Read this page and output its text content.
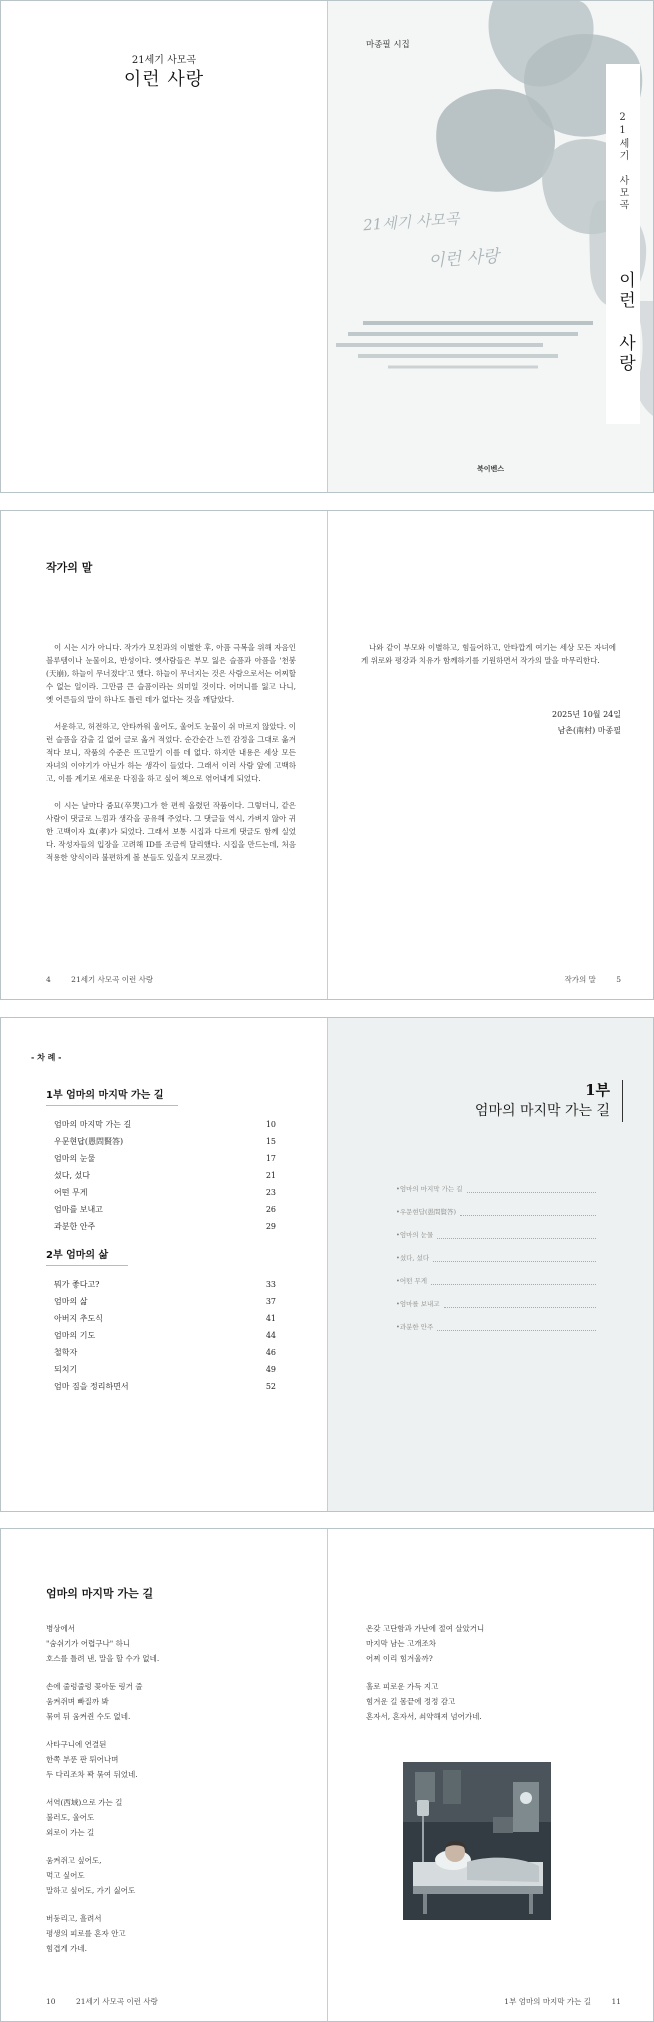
21세기 사모곡
이런 사랑
마종필 시집
21세기 사모곡
이런 사랑
21세기 사모곡
이런 사랑
북이벤스
작가의 말

이 시는 시가 아니다. 작가가 모친과의 이별한 후, 아픔 극복을 위해 자음인 블루템이나 눈물이요, 반성이다. 옛사람들은 부모 잃은 슬픔과 아픔을 '천붕(天崩), 하늘이 무너졌다'고 했다. 하늘이 무너지는 것은 사람으로서는 어찌할 수 없는 일이라. 그만큼 큰 슬픔이라는 의미일 것이다. 어머니를 잃고 나니, 옛 어른들의 말이 하나도 틀린 데가 없다는 것을 깨달았다.

서운하고, 허전하고, 안타까워 울어도, 울어도 눈물이 쉬 마르지 않았다. 이런 슬픔을 감출 길 없어 글로 옮겨 적었다. 순간순간 느낀 감정을 그대로 옮겨 적다 보니, 작품의 수준은 뜨고말기 이를 데 없다. 하지만 내용은 세상 모든 자녀의 이야기가 아닌가 하는 생각이 들었다. 그래서 이러 사람 앞에 고백하고, 이를 계기로 새로운 다짐을 하고 싶어 책으로 엮어내게 되었다.

이 시는 날마다 줌묘(卒哭)그가 한 편씩 올렸던 작품이다. 그렇더니, 같은 사람이 댓글로 느낌과 생각을 공유해 주었다. 그 댓글들 역시, 가벼지 않아 귀한 고백이자 효(孝)가 되었다. 그래서 보통 시집과 다르게 댓글도 함께 실었다. 작성자들의 입장을 고려해 ID를 조금씩 달리했다. 시집을 만드는데, 처음 적용한 양식이라 불편하게 볼 분들도 있을지 모르겠다.

4	21세기 사모곡 이런 사랑

나와 같이 부모와 이별하고, 힘들어하고, 안타깝게 여기는 세상 모든 자녀에게 위로와 평강과 치유가 함께하기를 기원하면서 작가의 말을 마무리한다.

2025년 10월 24일
남촌(南村) 마종필
작가의 말	5
- 차 례 -
1부 엄마의 마지막 가는 길
엄마의 마지막 가는 길	10
우문현답(愚問賢答)	15
엄마의 눈물	17
섰다, 섰다	21
어떤 무게	23
엄마를 보내고	26
과분한 안주	29
2부 엄마의 삶
뭐가 좋다고?	33
엄마의 삶	37
아버지 추도식	41
엄마의 기도	44
철학자	46
되치기	49
엄마 짐을 정리하면서	52
1부
엄마의 마지막 가는 길
• 엄마의 마지막 가는 길
• 우문현답(愚問賢答)
• 엄마의 눈물
• 섰다, 섰다
• 어떤 무게
• 엄마를 보내고
• 과분한 안주
엄마의 마지막 가는 길
병상에서
"숨쉬기가 어렵구나" 하니
호스를 틀려 낸, 말을 할 수가 없네.
손에 줄렁줄렁 꽂아둔 링거 줄
움켜쥐며 빠질까 봐
묶여 뒤 움켜쥔 수도 없네.
사타구니에 연결된
한쪽 부푼 판 튀어나며
두 다리조차 꽉 묶여 뒤었네.
서역(西域)으로 가는 길
불러도, 울어도
외로이 가는 길
움켜쥐고 싶어도,
먹고 싶어도
말하고 싶어도, 가기 싫어도
버둥리고, 흘려서
평생의 피로를 혼자 안고
힘겹게 가네.
10	21세기 사모곡 이런 사랑
온갖 고단함과 가난에 절여 살았거니
마지막 남는 고개조차
어찌 이리 힘겨울까?
홀로 피로운 가득 지고
힘겨운 길 몸끝에 정정 감고
혼자서, 혼자서, 쇠약해져 넘어가네.
1부 엄마의 마지막 가는 길	11
